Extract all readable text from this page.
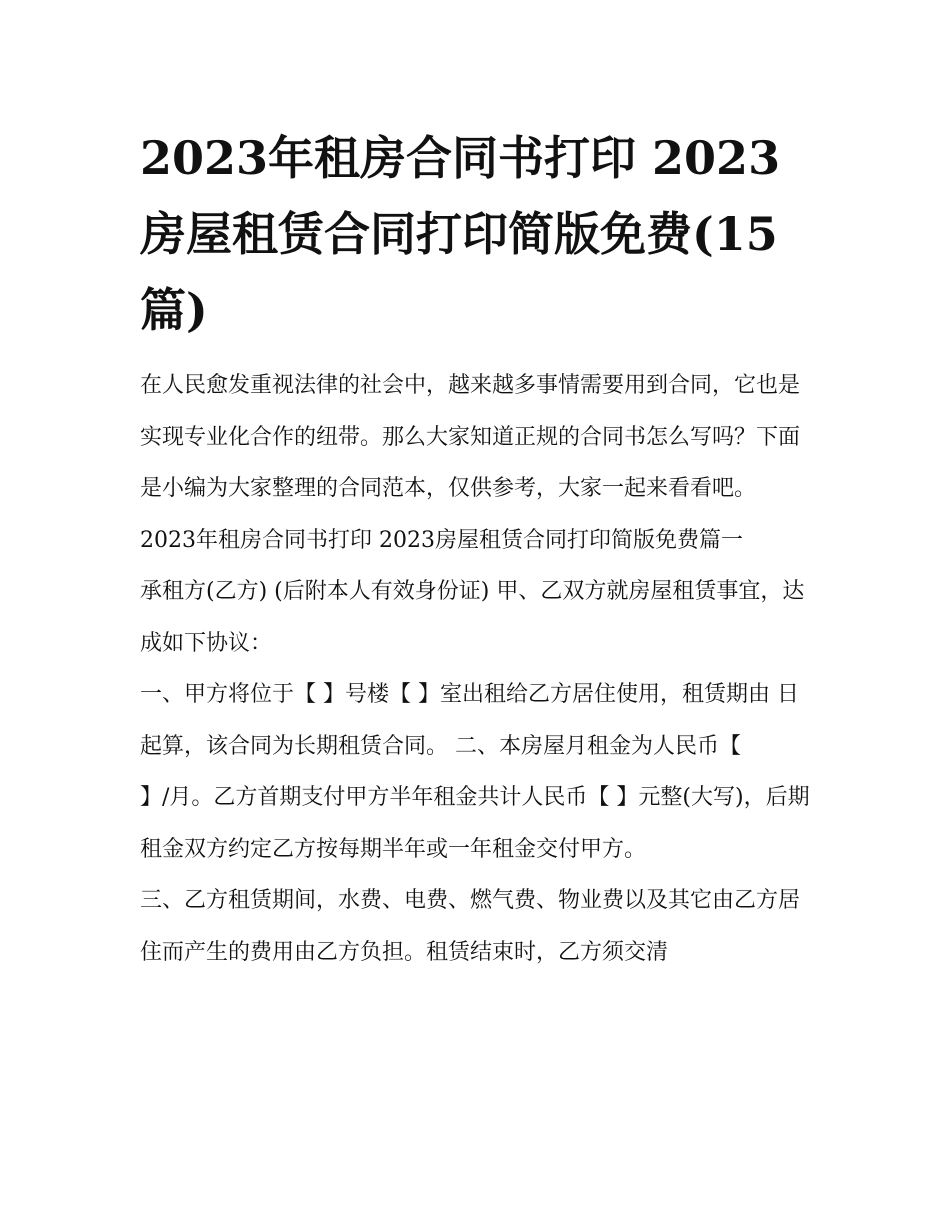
2023年租房合同书打印 2023房屋租赁合同打印简版免费(15篇)

在人民愈发重视法律的社会中，越来越多事情需要用到合同，它也是实现专业化合作的纽带。那么大家知道正规的合同书怎么写吗？下面是小编为大家整理的合同范本，仅供参考，大家一起来看看吧。

2023年租房合同书打印 2023房屋租赁合同打印简版免费篇一

承租方(乙方) (后附本人有效身份证) 甲、乙双方就房屋租赁事宜，达成如下协议：

一、甲方将位于【 】号楼【 】室出租给乙方居住使用，租赁期由 日起算，该合同为长期租赁合同。 二、本房屋月租金为人民币【

】/月。乙方首期支付甲方半年租金共计人民币【 】元整(大写)，后期租金双方约定乙方按每期半年或一年租金交付甲方。

三、乙方租赁期间，水费、电费、燃气费、物业费以及其它由乙方居住而产生的费用由乙方负担。租赁结束时，乙方须交清
